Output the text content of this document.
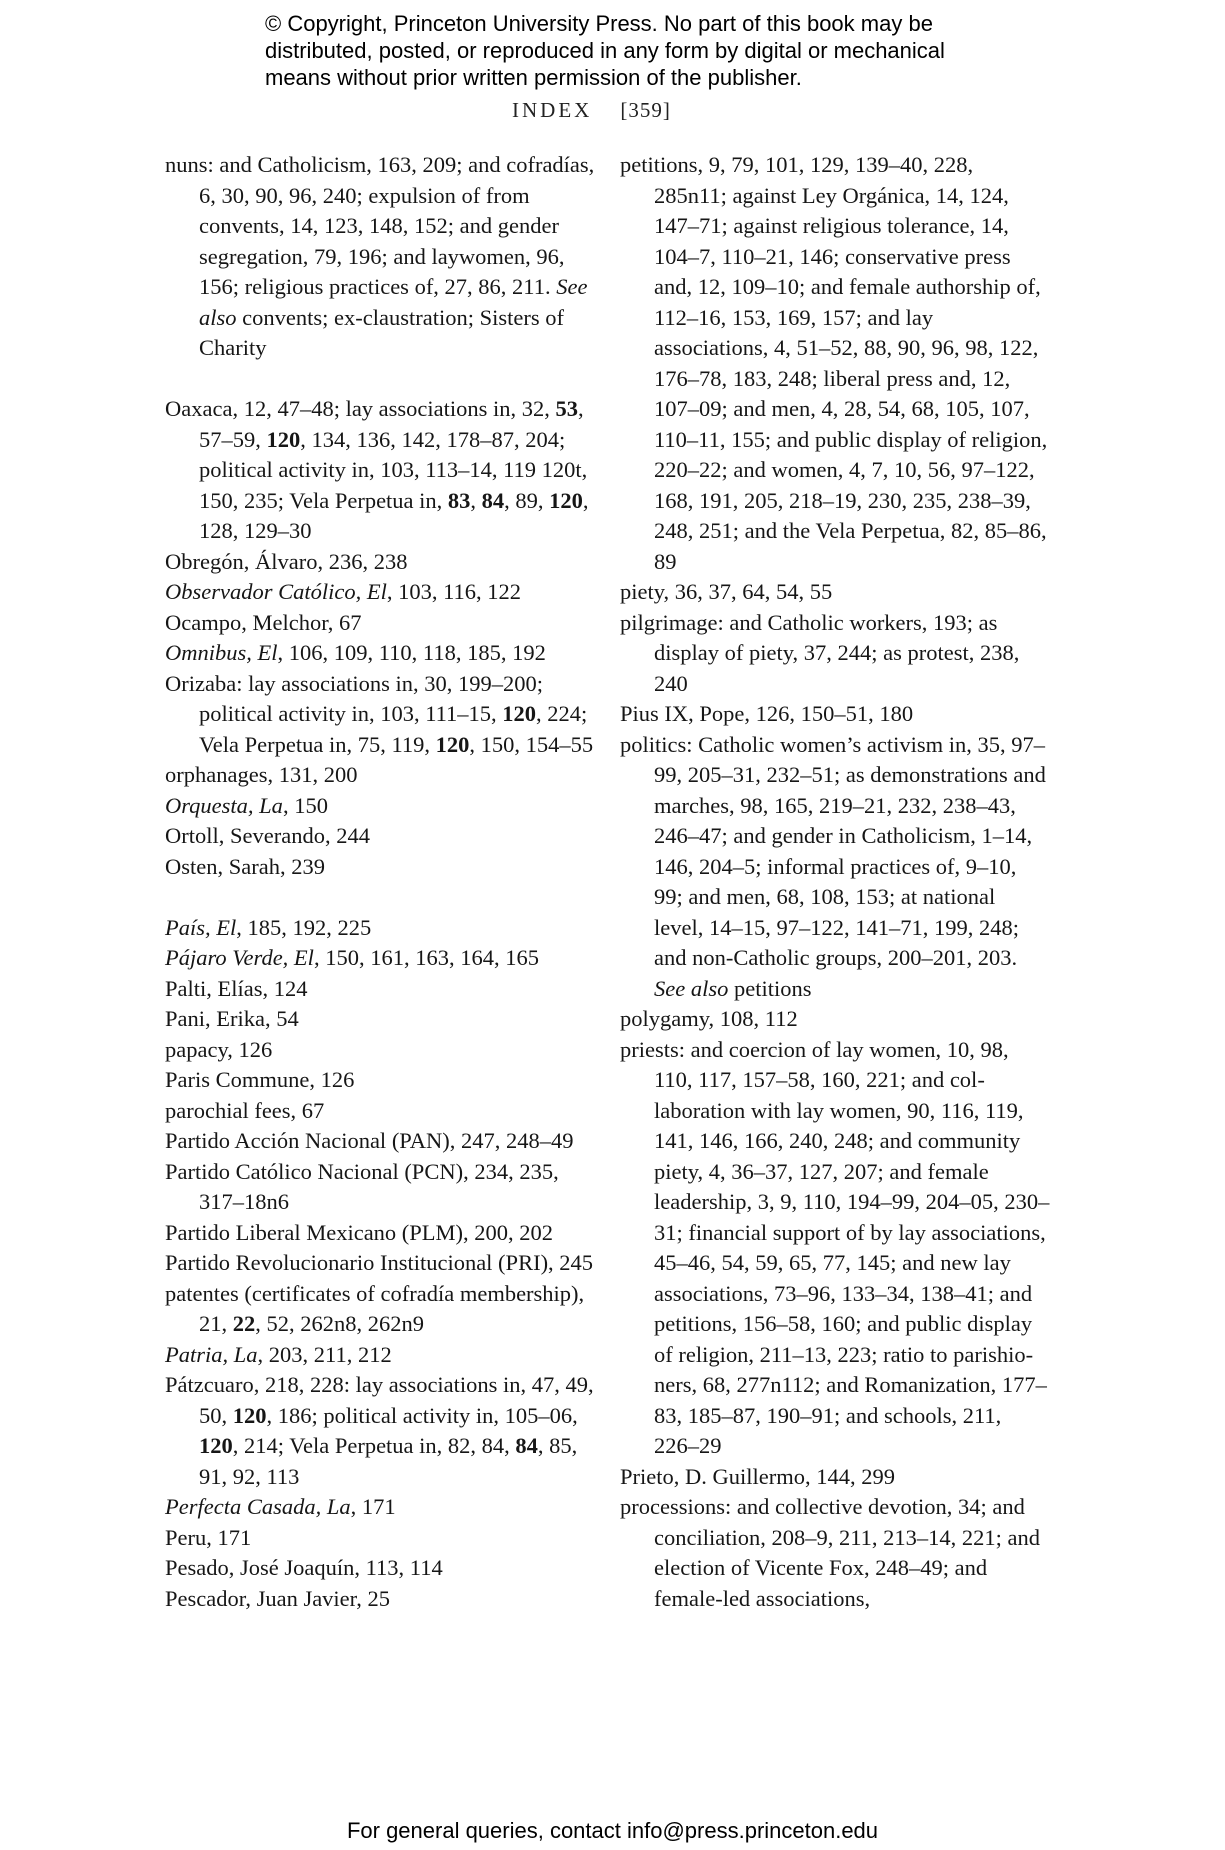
© Copyright, Princeton University Press. No part of this book may be
distributed, posted, or reproduced in any form by digital or mechanical
means without prior written permission of the publisher.
INDEX [359]

nuns: and Catholicism, 163, 209; and cofradías, 6, 30, 90, 96, 240; expulsion of from convents, 14, 123, 148, 152; and gender segregation, 79, 196; and laywomen, 96, 156; religious practices of, 27, 86, 211. See also convents; ex-claustration; Sisters of Charity

Oaxaca, 12, 47–48; lay associations in, 32, 53, 57–59, 120, 134, 136, 142, 178–87, 204; political activity in, 103, 113–14, 119 120t, 150, 235; Vela Perpetua in, 83, 84, 89, 120, 128, 129–30

Obregón, Álvaro, 236, 238

Observador Católico, El, 103, 116, 122

Ocampo, Melchor, 67

Omnibus, El, 106, 109, 110, 118, 185, 192

Orizaba: lay associations in, 30, 199–200; political activity in, 103, 111–15, 120, 224; Vela Perpetua in, 75, 119, 120, 150, 154–55

orphanages, 131, 200

Orquesta, La, 150

Ortoll, Severando, 244

Osten, Sarah, 239

País, El, 185, 192, 225

Pájaro Verde, El, 150, 161, 163, 164, 165

Palti, Elías, 124

Pani, Erika, 54

papacy, 126

Paris Commune, 126

parochial fees, 67

Partido Acción Nacional (PAN), 247, 248–49

Partido Católico Nacional (PCN), 234, 235, 317–18n6

Partido Liberal Mexicano (PLM), 200, 202

Partido Revolucionario Institucional (PRI), 245

patentes (certificates of cofradía membership), 21, 22, 52, 262n8, 262n9

Patria, La, 203, 211, 212

Pátzcuaro, 218, 228: lay associations in, 47, 49, 50, 120, 186; political activity in, 105–06, 120, 214; Vela Perpetua in, 82, 84, 84, 85, 91, 92, 113

Perfecta Casada, La, 171

Peru, 171

Pesado, José Joaquín, 113, 114

Pescador, Juan Javier, 25

petitions, 9, 79, 101, 129, 139–40, 228, 285n11; against Ley Orgánica, 14, 124, 147–71; against religious tolerance, 14, 104–7, 110–21, 146; conservative press and, 12, 109–10; and female authorship of, 112–16, 153, 169, 157; and lay associations, 4, 51–52, 88, 90, 96, 98, 122, 176–78, 183, 248; liberal press and, 12, 107–09; and men, 4, 28, 54, 68, 105, 107, 110–11, 155; and public display of religion, 220–22; and women, 4, 7, 10, 56, 97–122, 168, 191, 205, 218–19, 230, 235, 238–39, 248, 251; and the Vela Perpetua, 82, 85–86, 89

piety, 36, 37, 64, 54, 55

pilgrimage: and Catholic workers, 193; as display of piety, 37, 244; as protest, 238, 240

Pius IX, Pope, 126, 150–51, 180

politics: Catholic women’s activism in, 35, 97–99, 205–31, 232–51; as demonstrations and marches, 98, 165, 219–21, 232, 238–43, 246–47; and gender in Catholicism, 1–14, 146, 204–5; informal practices of, 9–10, 99; and men, 68, 108, 153; at national level, 14–15, 97–122, 141–71, 199, 248; and non-Catholic groups, 200–201, 203. See also petitions

polygamy, 108, 112

priests: and coercion of lay women, 10, 98, 110, 117, 157–58, 160, 221; and collaboration with lay women, 90, 116, 119, 141, 146, 166, 240, 248; and community piety, 4, 36–37, 127, 207; and female leadership, 3, 9, 110, 194–99, 204–05, 230–31; financial support of by lay associations, 45–46, 54, 59, 65, 77, 145; and new lay associations, 73–96, 133–34, 138–41; and petitions, 156–58, 160; and public display of religion, 211–13, 223; ratio to parishioners, 68, 277n112; and Romanization, 177–83, 185–87, 190–91; and schools, 211, 226–29

Prieto, D. Guillermo, 144, 299

processions: and collective devotion, 34; and conciliation, 208–9, 211, 213–14, 221; and election of Vicente Fox, 248–49; and female-led associations,

For general queries, contact info@press.princeton.edu
